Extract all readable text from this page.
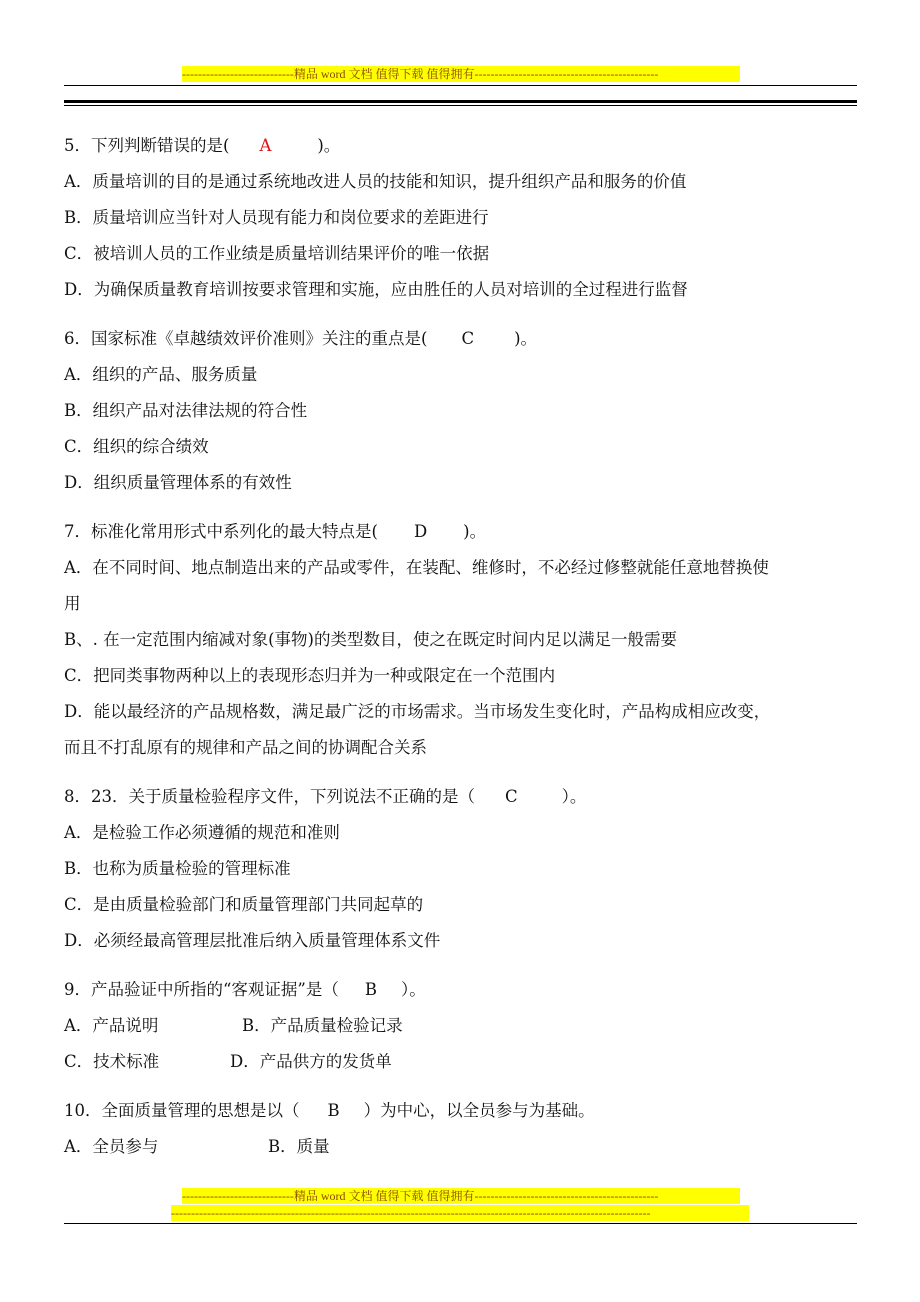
----------------------------精品 word 文档 值得下载 值得拥有----------------------------------------------
5．下列判断错误的是( A	)。
A．质量培训的目的是通过系统地改进人员的技能和知识，提升组织产品和服务的价值
B．质量培训应当针对人员现有能力和岗位要求的差距进行
C．被培训人员的工作业绩是质量培训结果评价的唯一依据
D．为确保质量教育培训按要求管理和实施，应由胜任的人员对培训的全过程进行监督
6．国家标准《卓越绩效评价准则》关注的重点是( C )。
A．组织的产品、服务质量
B．组织产品对法律法规的符合性
C．组织的综合绩效
D．组织质量管理体系的有效性
7．标准化常用形式中系列化的最大特点是( D )。
A．在不同时间、地点制造出来的产品或零件，在装配、维修时，不必经过修整就能任意地替换使
用
B、. 在一定范围内缩减对象(事物)的类型数目，使之在既定时间内足以满足一般需要
C．把同类事物两种以上的表现形态归并为一种或限定在一个范围内
D．能以最经济的产品规格数，满足最广泛的市场需求。当市场发生变化时，产品构成相应改变，
而且不打乱原有的规律和产品之间的协调配合关系
8．23．关于质量检验程序文件，下列说法不正确的是（ C	）。
A．是检验工作必须遵循的规范和准则
B．也称为质量检验的管理标准
C．是由质量检验部门和质量管理部门共同起草的
D．必须经最高管理层批准后纳入质量管理体系文件
9．产品验证中所指的“客观证据”是（ B ）。
A．产品说明	B．产品质量检验记录
C．技术标准	D．产品供方的发货单
10．全面质量管理的思想是以（ B ）为中心，以全员参与为基础。
A．全员参与	B．质量
----------------------------精品 word 文档 值得下载 值得拥有----------------------------------------------
------------------------------------------------------------------------------------------------------------------------
